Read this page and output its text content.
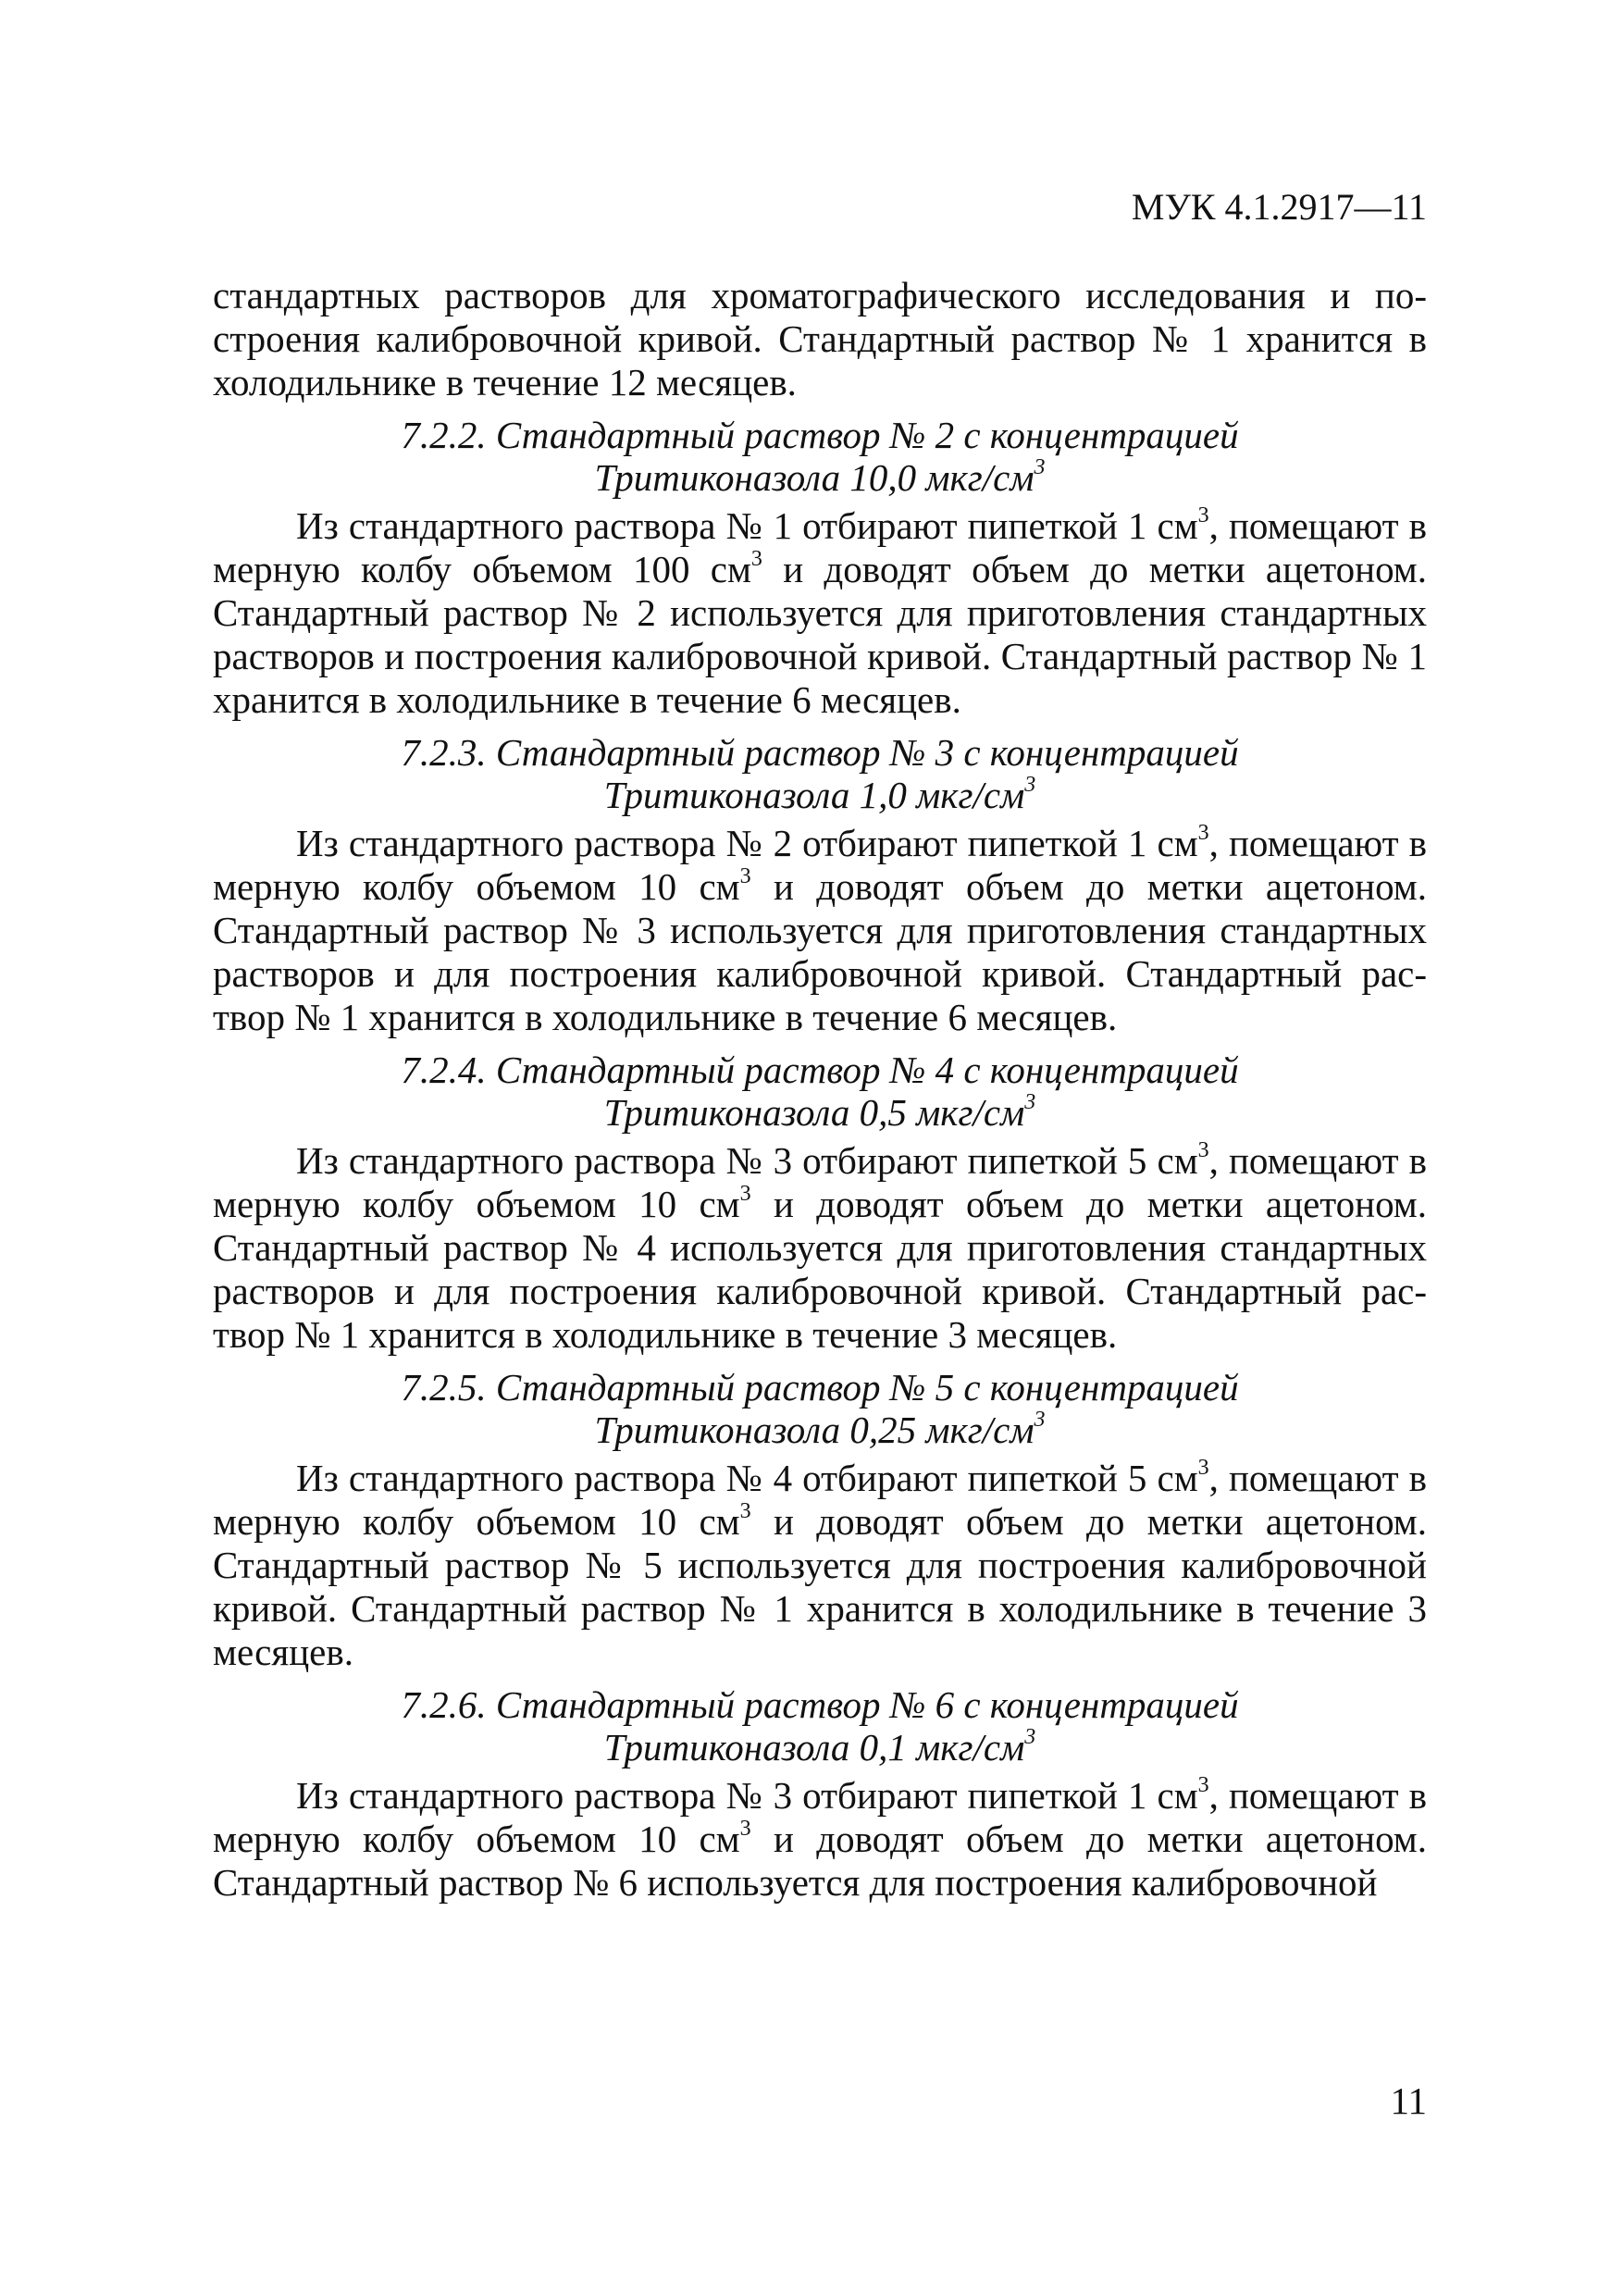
МУК 4.1.2917—11

стандартных растворов для хроматографического исследования и по-строения калибровочной кривой. Стандартный раствор № 1 хранится в холодильнике в течение 12 месяцев.

7.2.2. Стандартный раствор № 2 с концентрацией
Тритиконазола 10,0 мкг/$см^3$

Из стандартного раствора № 1 отбирают пипеткой 1 $см^3$, помещают в мерную колбу объемом 100 $см^3$ и доводят объем до метки ацетоном. Стандартный раствор № 2 используется для приготовления стандартных растворов и построения калибровочной кривой. Стандартный раствор № 1 хранится в холодильнике в течение 6 месяцев.

7.2.3. Стандартный раствор № 3 с концентрацией
Тритиконазола 1,0 мкг/$см^3$

Из стандартного раствора № 2 отбирают пипеткой 1 $см^3$, помещают в мерную колбу объемом 10 $см^3$ и доводят объем до метки ацетоном. Стандартный раствор № 3 используется для приготовления стандартных растворов и для построения калибровочной кривой. Стандартный рас-твор № 1 хранится в холодильнике в течение 6 месяцев.

7.2.4. Стандартный раствор № 4 с концентрацией
Тритиконазола 0,5 мкг/$см^3$

Из стандартного раствора № 3 отбирают пипеткой 5 $см^3$, помещают в мерную колбу объемом 10 $см^3$ и доводят объем до метки ацетоном. Стандартный раствор № 4 используется для приготовления стандартных растворов и для построения калибровочной кривой. Стандартный рас-твор № 1 хранится в холодильнике в течение 3 месяцев.

7.2.5. Стандартный раствор № 5 с концентрацией
Тритиконазола 0,25 мкг/$см^3$

Из стандартного раствора № 4 отбирают пипеткой 5 $см^3$, помещают в мерную колбу объемом 10 $см^3$ и доводят объем до метки ацетоном. Стандартный раствор № 5 используется для построения калибровочной кривой. Стандартный раствор № 1 хранится в холодильнике в течение 3 месяцев.

7.2.6. Стандартный раствор № 6 с концентрацией
Тритиконазола 0,1 мкг/$см^3$

Из стандартного раствора № 3 отбирают пипеткой 1 $см^3$, помещают в мерную колбу объемом 10 $см^3$ и доводят объем до метки ацетоном. Стандартный раствор № 6 используется для построения калибровочной

11
